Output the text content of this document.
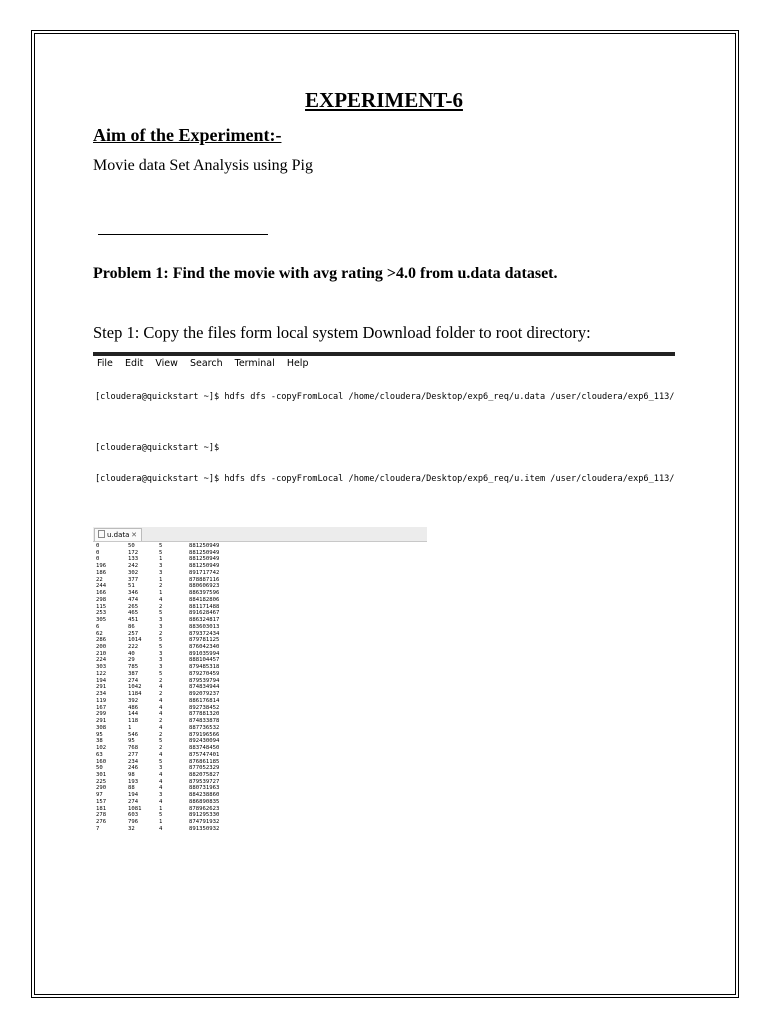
EXPERIMENT-6
Aim of the Experiment:-
Movie data Set Analysis using Pig
Problem 1: Find the movie with avg rating >4.0 from u.data dataset.
Step 1: Copy the files form local system Download folder to root directory:
File Edit View Search Terminal Help

[cloudera@quickstart ~]$ hdfs dfs -copyFromLocal /home/cloudera/Desktop/exp6_req/u.data /user/cloudera/exp6_113/

[cloudera@quickstart ~]$

[cloudera@quickstart ~]$ hdfs dfs -copyFromLocal /home/cloudera/Desktop/exp6_req/u.item /user/cloudera/exp6_113/

u.data ✕
0	50	5	881250949
0	172	5	881250949
0	133	1	881250949
196	242	3	881250949
186	302	3	891717742
22	377	1	878887116
244	51	2	880606923
166	346	1	886397596
298	474	4	884182806
115	265	2	881171488
253	465	5	891628467
305	451	3	886324817
6	86	3	883603013
62	257	2	879372434
286	1014	5	879781125
200	222	5	876042340
210	40	3	891035994
224	29	3	888104457
303	785	3	879485318
122	387	5	879270459
194	274	2	879539794
291	1042	4	874834944
234	1184	2	892079237
119	392	4	886176814
167	486	4	892738452
299	144	4	877881320
291	118	2	874833878
308	1	4	887736532
95	546	2	879196566
38	95	5	892430094
102	768	2	883748450
63	277	4	875747401
160	234	5	876861185
50	246	3	877052329
301	98	4	882075827
225	193	4	879539727
290	88	4	880731963
97	194	3	884238860
157	274	4	886890835
181	1081	1	878962623
278	603	5	891295330
276	796	1	874791932
7	32	4	891350932
